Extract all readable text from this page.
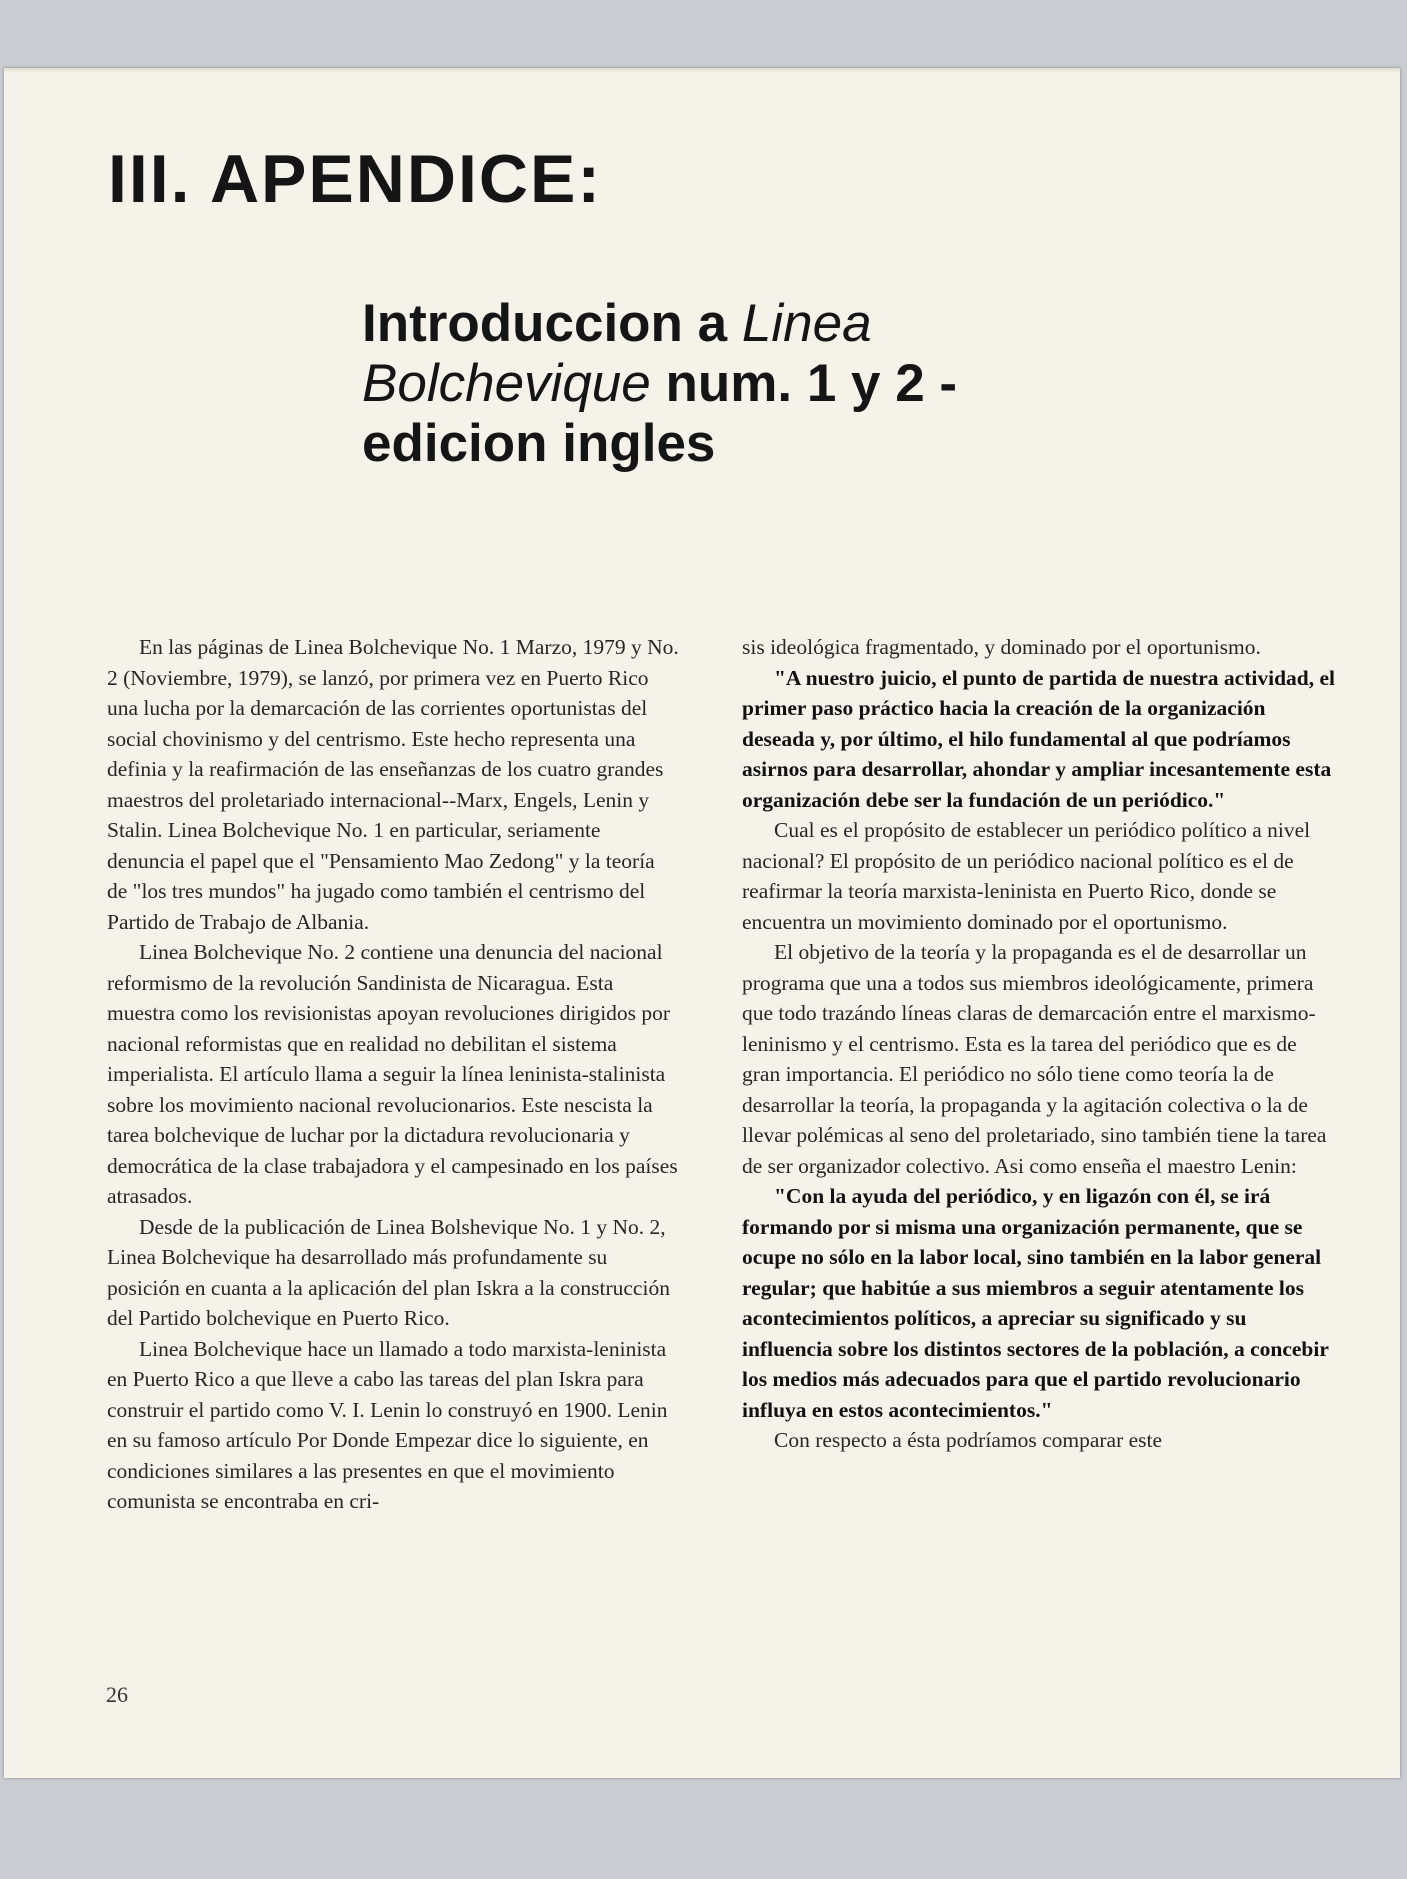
III. APENDICE:
Introduccion a Linea
Bolchevique num. 1 y 2 -
edicion ingles

En las páginas de Linea Bolchevique No. 1 Marzo, 1979 y No. 2 (Noviembre, 1979), se lanzó, por primera vez en Puerto Rico una lucha por la demarcación de las corrientes oportunistas del social chovinismo y del centrismo. Este hecho representa una definia y la reafirmación de las enseñanzas de los cuatro grandes maestros del proletariado internacional--Marx, Engels, Lenin y Stalin. Linea Bolchevique No. 1 en particular, seriamente denuncia el papel que el "Pensamiento Mao Zedong" y la teoría de "los tres mundos" ha jugado como también el centrismo del Partido de Trabajo de Albania.

Linea Bolchevique No. 2 contiene una denuncia del nacional reformismo de la revolución Sandinista de Nicaragua. Esta muestra como los revisionistas apoyan revoluciones dirigidos por nacional reformistas que en realidad no debilitan el sistema imperialista. El artículo llama a seguir la línea leninista-stalinista sobre los movimiento nacional revolucionarios. Este nescista la tarea bolchevique de luchar por la dictadura revolucionaria y democrática de la clase trabajadora y el campesinado en los países atrasados.

Desde de la publicación de Linea Bolshevique No. 1 y No. 2, Linea Bolchevique ha desarrollado más profundamente su posición en cuanta a la aplicación del plan Iskra a la construcción del Partido bolchevique en Puerto Rico.

Linea Bolchevique hace un llamado a todo marxista-leninista en Puerto Rico a que lleve a cabo las tareas del plan Iskra para construir el partido como V. I. Lenin lo construyó en 1900. Lenin en su famoso artículo Por Donde Empezar dice lo siguiente, en condiciones similares a las presentes en que el movimiento comunista se encontraba en cri-

sis ideológica fragmentado, y dominado por el oportunismo.

"A nuestro juicio, el punto de partida de nuestra actividad, el primer paso práctico hacia la creación de la organización deseada y, por último, el hilo fundamental al que podríamos asirnos para desarrollar, ahondar y ampliar incesantemente esta organización debe ser la fundación de un periódico."

Cual es el propósito de establecer un periódico político a nivel nacional? El propósito de un periódico nacional político es el de reafirmar la teoría marxista-leninista en Puerto Rico, donde se encuentra un movimiento dominado por el oportunismo.

El objetivo de la teoría y la propaganda es el de desarrollar un programa que una a todos sus miembros ideológicamente, primera que todo trazándo líneas claras de demarcación entre el marxismo-leninismo y el centrismo. Esta es la tarea del periódico que es de gran importancia. El periódico no sólo tiene como teoría la de desarrollar la teoría, la propaganda y la agitación colectiva o la de llevar polémicas al seno del proletariado, sino también tiene la tarea de ser organizador colectivo. Asi como enseña el maestro Lenin:

"Con la ayuda del periódico, y en ligazón con él, se irá formando por si misma una organización permanente, que se ocupe no sólo en la labor local, sino también en la labor general regular; que habitúe a sus miembros a seguir atentamente los acontecimientos políticos, a apreciar su significado y su influencia sobre los distintos sectores de la población, a concebir los medios más adecuados para que el partido revolucionario influya en estos acontecimientos."

Con respecto a ésta podríamos comparar este

26
